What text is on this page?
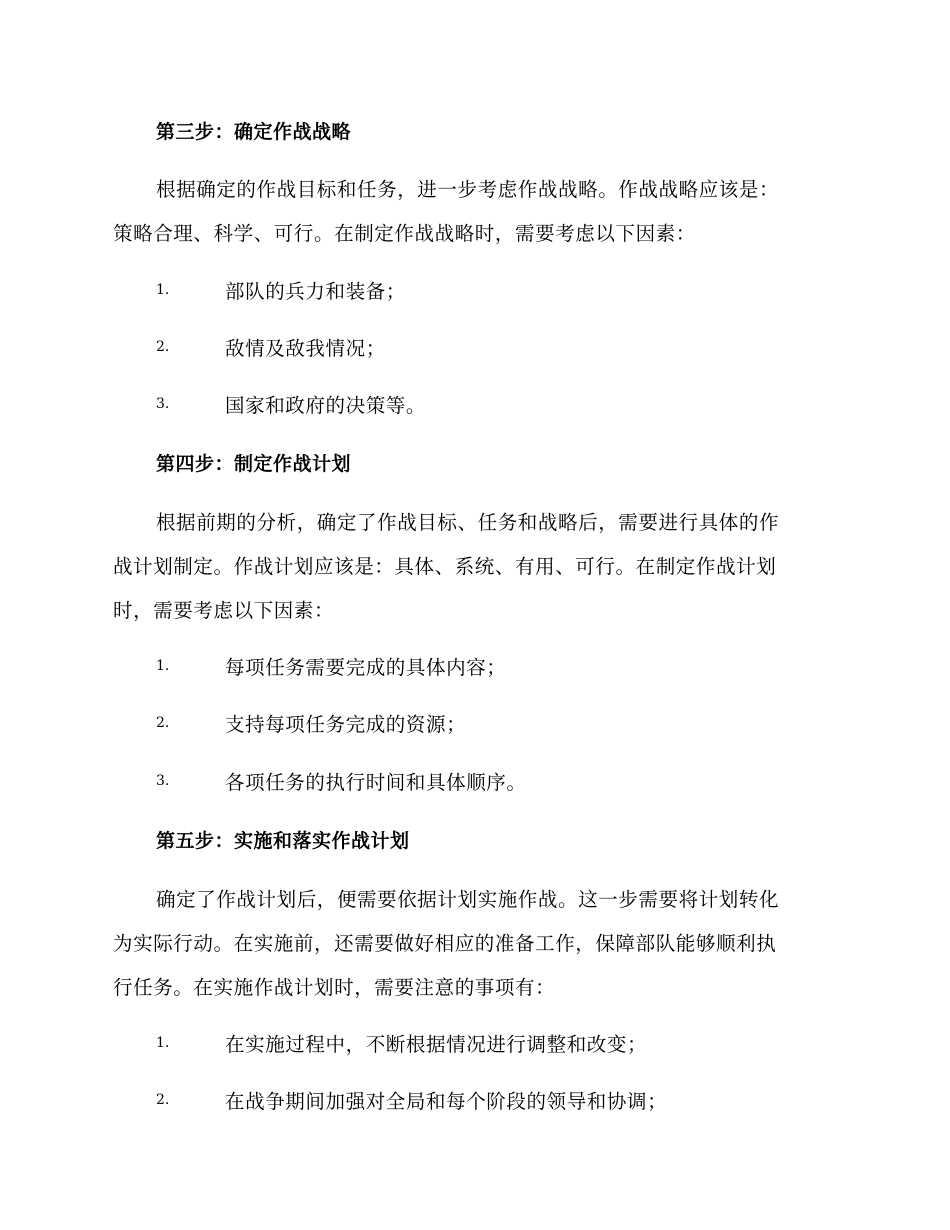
第三步：确定作战战略
根据确定的作战目标和任务，进一步考虑作战战略。作战战略应该是：
策略合理、科学、可行。在制定作战战略时，需要考虑以下因素：
1.	部队的兵力和装备；
2.	敌情及敌我情况；
3.	国家和政府的决策等。
第四步：制定作战计划
根据前期的分析，确定了作战目标、任务和战略后，需要进行具体的作
战计划制定。作战计划应该是：具体、系统、有用、可行。在制定作战计划
时，需要考虑以下因素：
1.	每项任务需要完成的具体内容；
2.	支持每项任务完成的资源；
3.	各项任务的执行时间和具体顺序。
第五步：实施和落实作战计划
确定了作战计划后，便需要依据计划实施作战。这一步需要将计划转化
为实际行动。在实施前，还需要做好相应的准备工作，保障部队能够顺利执
行任务。在实施作战计划时，需要注意的事项有：
1.	在实施过程中，不断根据情况进行调整和改变；
2.	在战争期间加强对全局和每个阶段的领导和协调；
